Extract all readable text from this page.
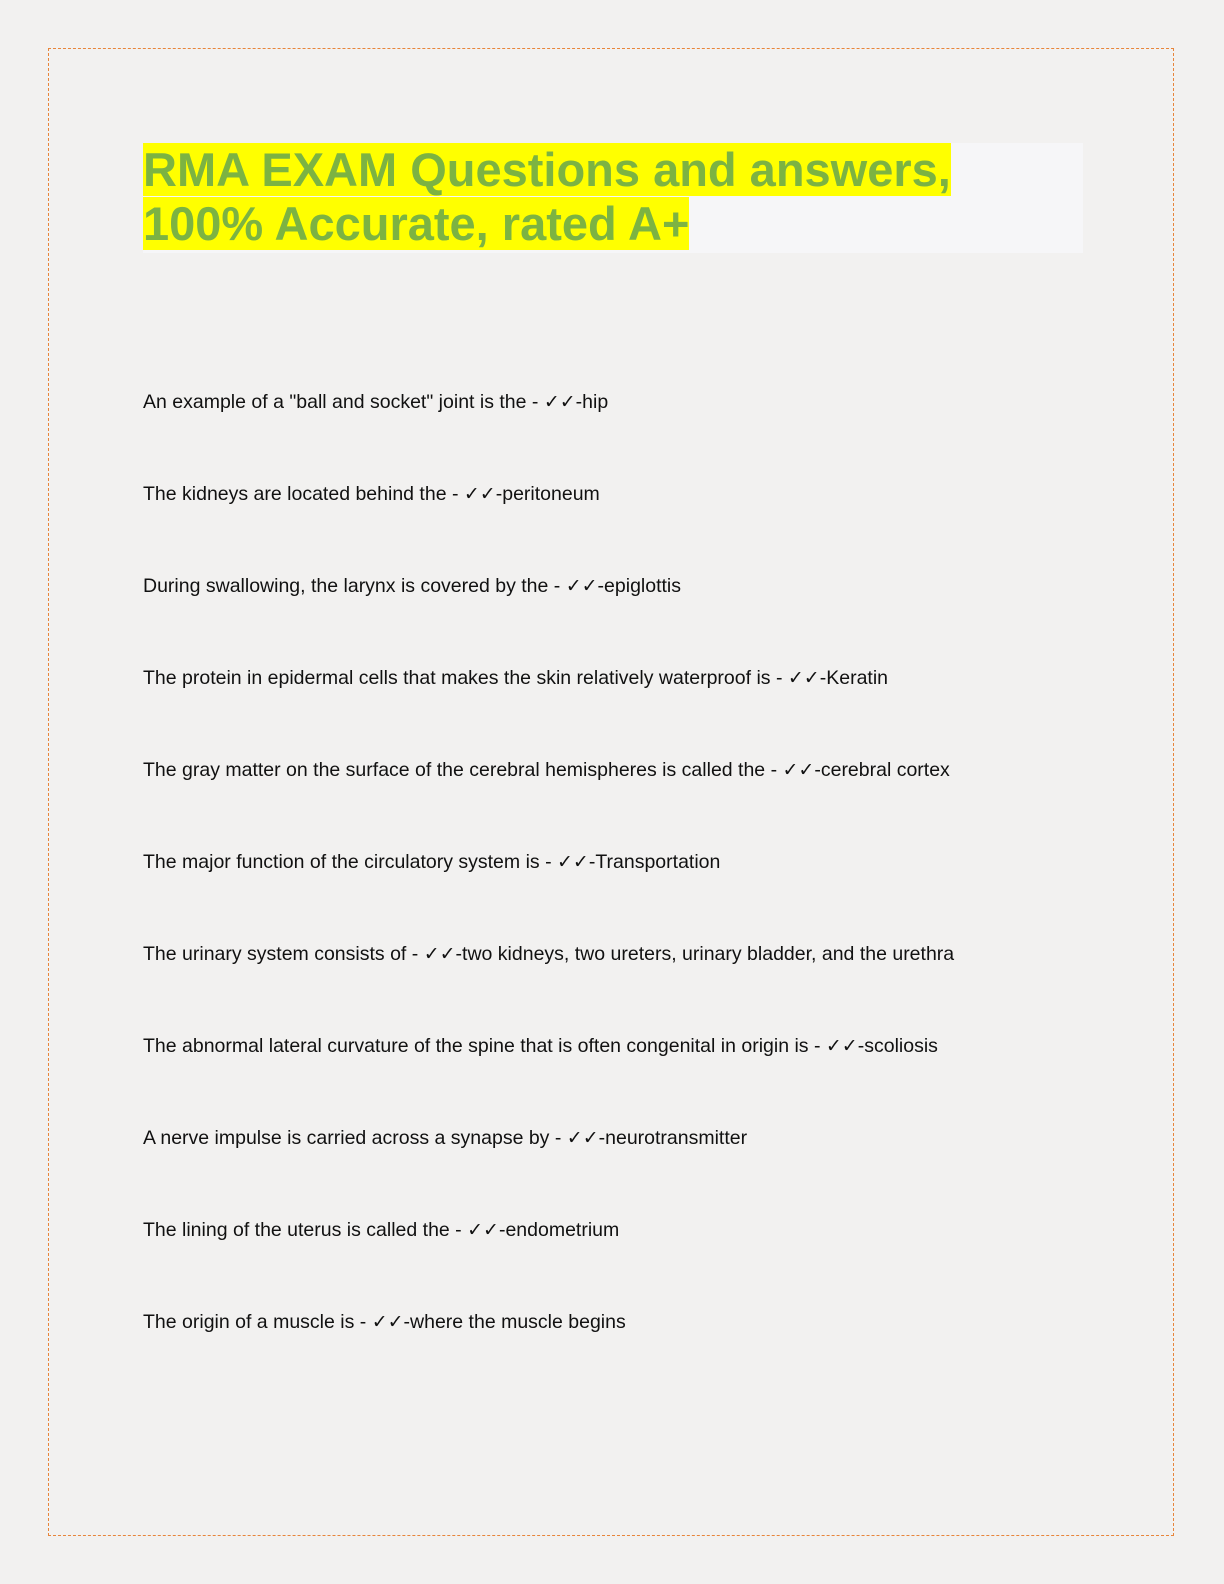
RMA EXAM Questions and answers,
100% Accurate, rated A+
An example of a "ball and socket" joint is the - ✓✓-hip
The kidneys are located behind the - ✓✓-peritoneum
During swallowing, the larynx is covered by the - ✓✓-epiglottis
The protein in epidermal cells that makes the skin relatively waterproof is - ✓✓-Keratin
The gray matter on the surface of the cerebral hemispheres is called the - ✓✓-cerebral cortex
The major function of the circulatory system is - ✓✓-Transportation
The urinary system consists of - ✓✓-two kidneys, two ureters, urinary bladder, and the urethra
The abnormal lateral curvature of the spine that is often congenital in origin is - ✓✓-scoliosis
A nerve impulse is carried across a synapse by - ✓✓-neurotransmitter
The lining of the uterus is called the - ✓✓-endometrium
The origin of a muscle is - ✓✓-where the muscle begins
